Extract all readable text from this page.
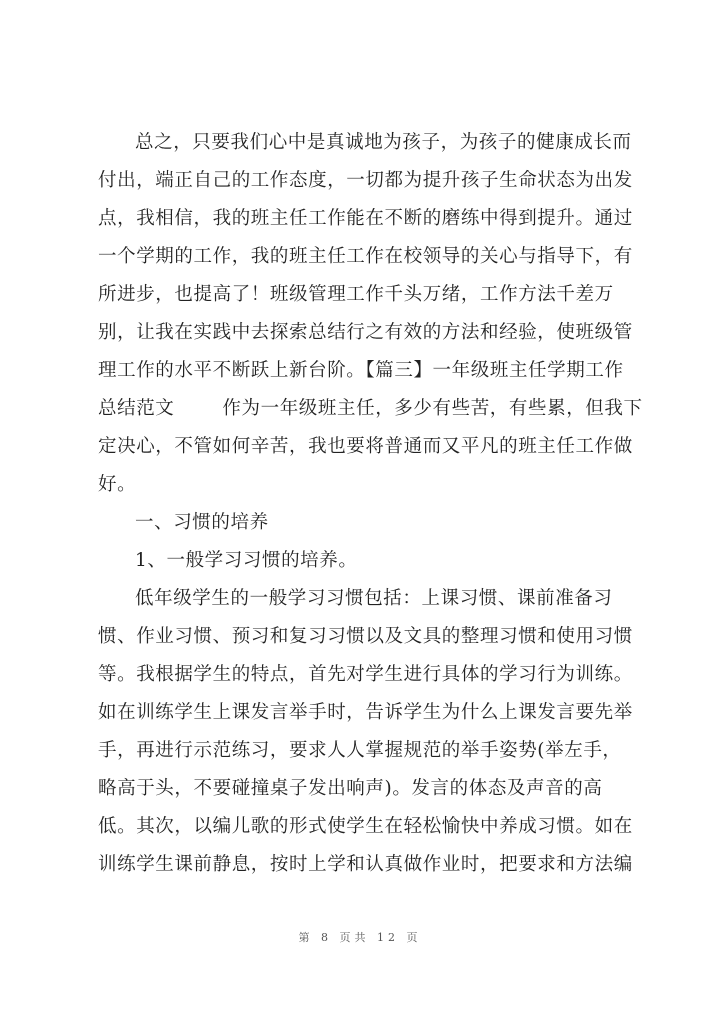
总之，只要我们心中是真诚地为孩子，为孩子的健康成长而
付出，端正自己的工作态度，一切都为提升孩子生命状态为出发
点，我相信，我的班主任工作能在不断的磨练中得到提升。通过
一个学期的工作，我的班主任工作在校领导的关心与指导下，有
所进步，也提高了！班级管理工作千头万绪，工作方法千差万
别，让我在实践中去探索总结行之有效的方法和经验，使班级管
理工作的水平不断跃上新台阶。【篇三】一年级班主任学期工作
总结范文	作为一年级班主任，多少有些苦，有些累，但我下
定决心，不管如何辛苦，我也要将普通而又平凡的班主任工作做
好。
一、习惯的培养
1、一般学习习惯的培养。
低年级学生的一般学习习惯包括：上课习惯、课前准备习
惯、作业习惯、预习和复习习惯以及文具的整理习惯和使用习惯
等。我根据学生的特点，首先对学生进行具体的学习行为训练。
如在训练学生上课发言举手时，告诉学生为什么上课发言要先举
手，再进行示范练习，要求人人掌握规范的举手姿势(举左手，
略高于头，不要碰撞桌子发出响声)。发言的体态及声音的高
低。其次，以编儿歌的形式使学生在轻松愉快中养成习惯。如在
训练学生课前静息，按时上学和认真做作业时，把要求和方法编
第 8 页共 12 页
